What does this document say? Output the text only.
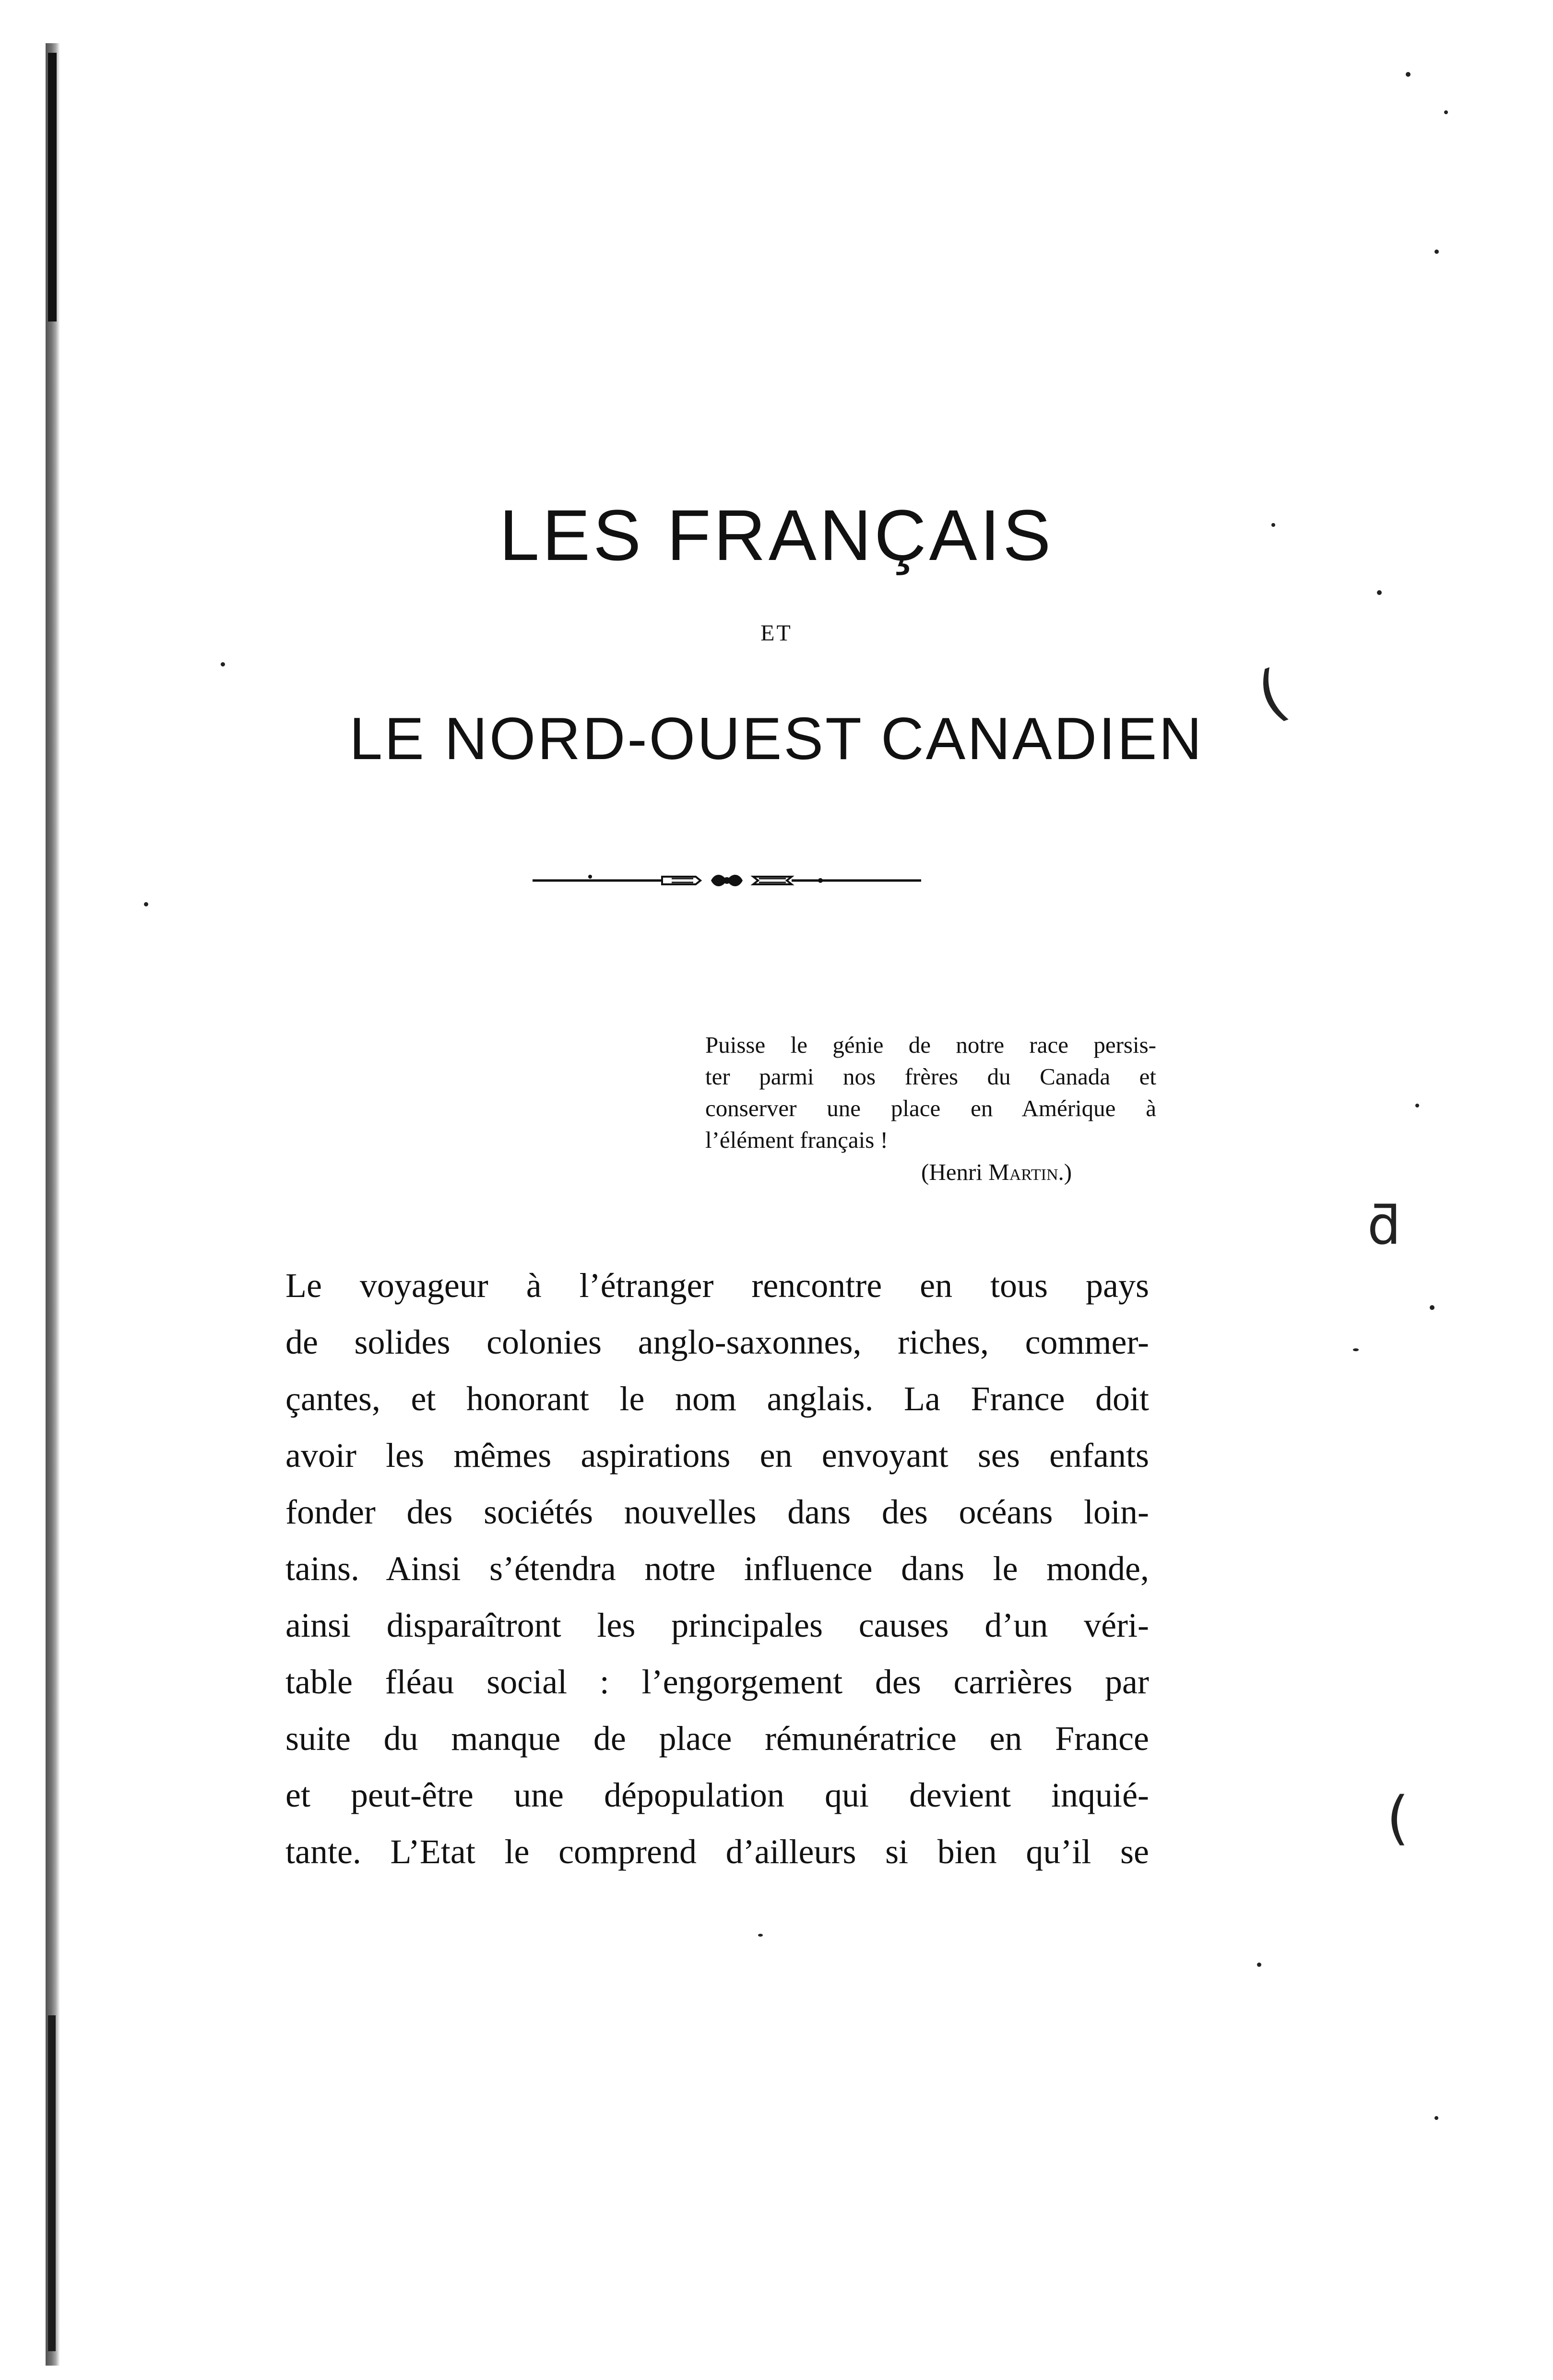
LES FRANÇAIS
ET
LE NORD-OUEST CANADIEN
Puisse le génie de notre race persis-
ter parmi nos frères du Canada et
conserver une place en Amérique à
l’élément français !
(Henri Martin.)
Le voyageur à l’étranger rencontre en tous pays
de solides colonies anglo-saxonnes, riches, commer-
çantes, et honorant le nom anglais. La France doit
avoir les mêmes aspirations en envoyant ses enfants
fonder des sociétés nouvelles dans des océans loin-
tains. Ainsi s’étendra notre influence dans le monde,
ainsi disparaîtront les principales causes d’un véri-
table fléau social : l’engorgement des carrières par
suite du manque de place rémunératrice en France
et peut-être une dépopulation qui devient inquié-
tante. L’Etat le comprend d’ailleurs si bien qu’il se
ƌ
(
(
